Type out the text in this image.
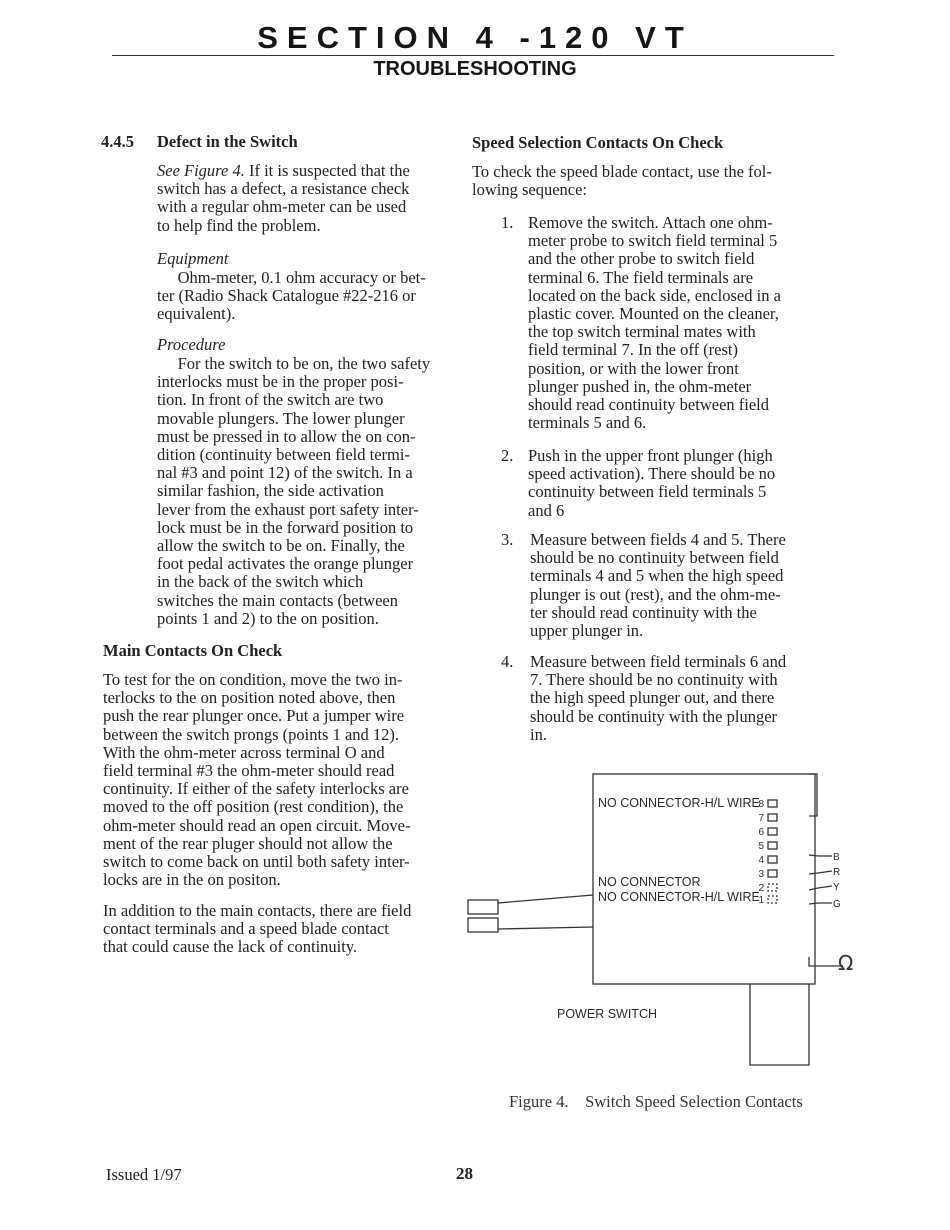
SECTION 4 -120 VT
TROUBLESHOOTING
4.4.5 Defect in the Switch
See Figure 4. If it is suspected that the
switch has a defect, a resistance check
with a regular ohm-meter can be used
to help find the problem.
Equipment
Ohm-meter, 0.1 ohm accuracy or bet-
ter (Radio Shack Catalogue #22-216 or
equivalent).
Procedure
For the switch to be on, the two safety
interlocks must be in the proper posi-
tion. In front of the switch are two
movable plungers. The lower plunger
must be pressed in to allow the on con-
dition (continuity between field termi-
nal #3 and point 12) of the switch. In a
similar fashion, the side activation
lever from the exhaust port safety inter-
lock must be in the forward position to
allow the switch to be on. Finally, the
foot pedal activates the orange plunger
in the back of the switch which
switches the main contacts (between
points 1 and 2) to the on position.
Main Contacts On Check
To test for the on condition, move the two in-
terlocks to the on position noted above, then
push the rear plunger once. Put a jumper wire
between the switch prongs (points 1 and 12).
With the ohm-meter across terminal O and
field terminal #3 the ohm-meter should read
continuity. If either of the safety interlocks are
moved to the off position (rest condition), the
ohm-meter should read an open circuit. Move-
ment of the rear pluger should not allow the
switch to come back on until both safety inter-
locks are in the on positon.
In addition to the main contacts, there are field
contact terminals and a speed blade contact
that could cause the lack of continuity.
Speed Selection Contacts On Check
To check the speed blade contact, use the fol-
lowing sequence:
1. Remove the switch. Attach one ohm-
meter probe to switch field terminal 5
and the other probe to switch field
terminal 6. The field terminals are
located on the back side, enclosed in a
plastic cover. Mounted on the cleaner,
the top switch terminal mates with
field terminal 7. In the off (rest)
position, or with the lower front
plunger pushed in, the ohm-meter
should read continuity between field
terminals 5 and 6.
2. Push in the upper front plunger (high
speed activation). There should be no
continuity between field terminals 5
and 6
3. Measure between fields 4 and 5. There
should be no continuity between field
terminals 4 and 5 when the high speed
plunger is out (rest), and the ohm-me-
ter should read continuity with the
upper plunger in.
4. Measure between field terminals 6 and
7. There should be no continuity with
the high speed plunger out, and there
should be continuity with the plunger
in.
Ω
NO CONNECTOR-H/L WIRE
NO CONNECTOR
NO CONNECTOR-H/L WIRE
POWER SWITCH
8
7
6
5
4
3
2
1
B
R
Y
G
Figure 4.    Switch Speed Selection Contacts
Issued 1/97	28
